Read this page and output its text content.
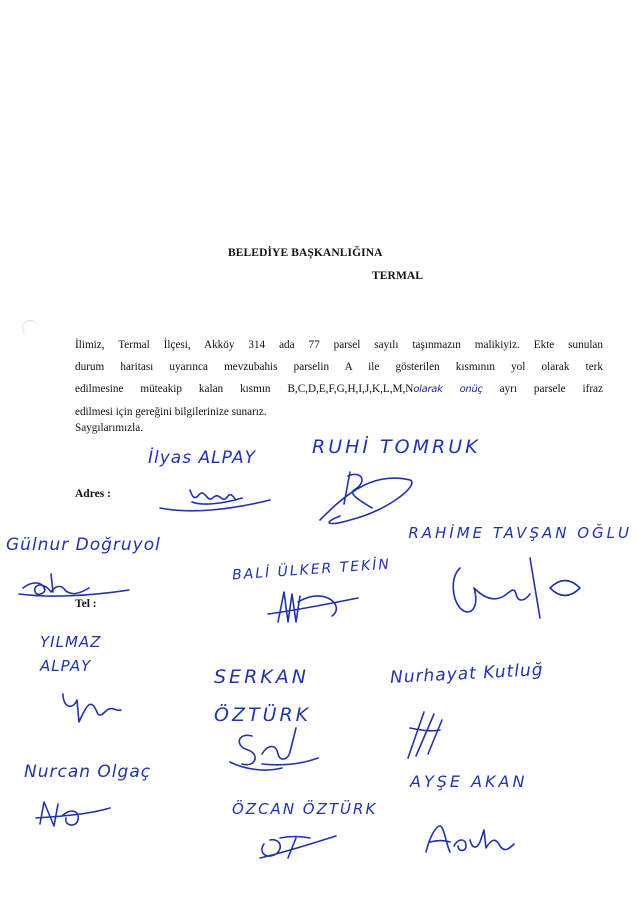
BELEDİYE BAŞKANLIĞINA
TERMAL
İlimiz, Termal İlçesi, Akköy 314 ada 77 parsel sayılı taşınmazın malikiyiz. Ekte sunulan
durum haritası uyarınca mevzubahis parselin A ile gösterilen kısmının yol olarak terk
edilmesine müteakip kalan kısmın B,C,D,E,F,G,H,I,J,K,L,M,Nolarak onüç ayrı parsele ifraz
edilmesi için gereğini bilgilerinize sunarız.
Saygılarımızla.
Adres :
Tel :
İlyas ALPAY	RUHİ TOMRUK
Gülnur Doğruyol
RAHİME TAVŞAN OĞLU
BALİ ÜLKER TEKİN
YILMAZ ALPAY	SERKAN ÖZTÜRK
Nurhayat Kutluğ
Nurcan Olgaç
ÖZCAN ÖZTÜRK
AYŞE AKAN
